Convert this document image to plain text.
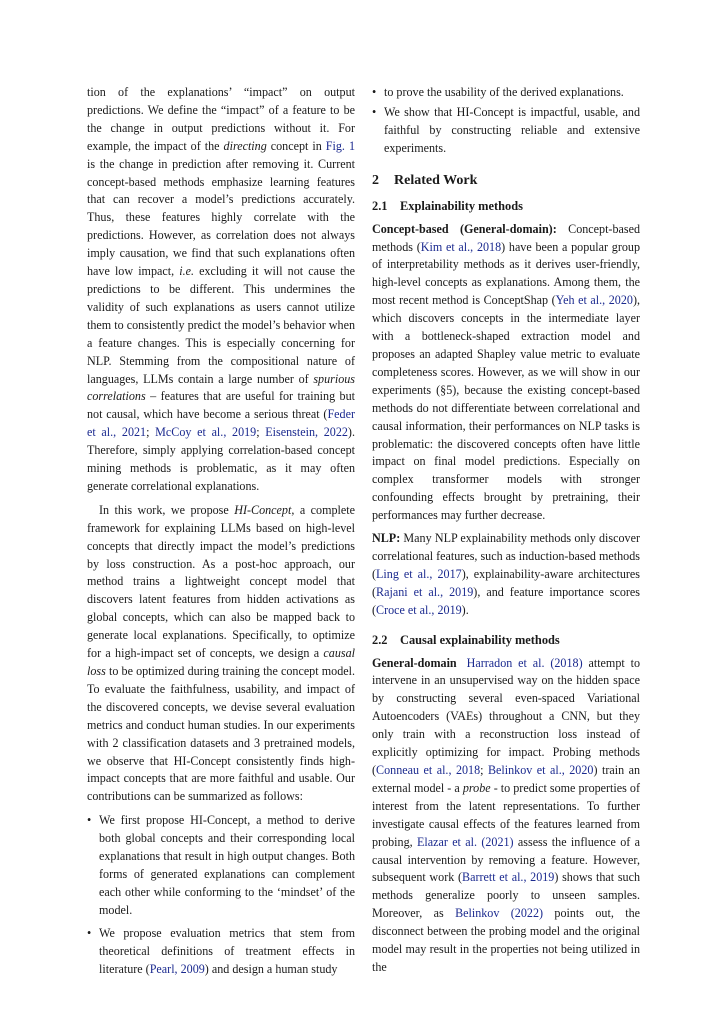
tion of the explanations’ “impact” on output predictions. We define the “impact” of a feature to be the change in output predictions without it. For example, the impact of the directing concept in Fig. 1 is the change in prediction after removing it. Current concept-based methods emphasize learning features that can recover a model’s predictions accurately. Thus, these features highly correlate with the predictions. However, as correlation does not always imply causation, we find that such explanations often have low impact, i.e. excluding it will not cause the predictions to be different. This undermines the validity of such explanations as users cannot utilize them to consistently predict the model’s behavior when a feature changes. This is especially concerning for NLP. Stemming from the compositional nature of languages, LLMs contain a large number of spurious correlations – features that are useful for training but not causal, which have become a serious threat (Feder et al., 2021; McCoy et al., 2019; Eisenstein, 2022). Therefore, simply applying correlation-based concept mining methods is problematic, as it may often generate correlational explanations.

In this work, we propose HI-Concept, a complete framework for explaining LLMs based on high-level concepts that directly impact the model’s predictions by loss construction. As a post-hoc approach, our method trains a lightweight concept model that discovers latent features from hidden activations as global concepts, which can also be mapped back to generate local explanations. Specifically, to optimize for a high-impact set of concepts, we design a causal loss to be optimized during training the concept model. To evaluate the faithfulness, usability, and impact of the discovered concepts, we devise several evaluation metrics and conduct human studies. In our experiments with 2 classification datasets and 3 pretrained models, we observe that HI-Concept consistently finds high-impact concepts that are more faithful and usable. Our contributions can be summarized as follows:

• We first propose HI-Concept, a method to derive both global concepts and their corresponding local explanations that result in high output changes. Both forms of generated explanations can complement each other while conforming to the ‘mindset’ of the model.
• We propose evaluation metrics that stem from theoretical definitions of treatment effects in literature (Pearl, 2009) and design a human study
• to prove the usability of the derived explanations.
• We show that HI-Concept is impactful, usable, and faithful by constructing reliable and extensive experiments.
2 Related Work
2.1 Explainability methods

Concept-based (General-domain): Concept-based methods (Kim et al., 2018) have been a popular group of interpretability methods as it derives user-friendly, high-level concepts as explanations. Among them, the most recent method is ConceptShap (Yeh et al., 2020), which discovers concepts in the intermediate layer with a bottleneck-shaped extraction model and proposes an adapted Shapley value metric to evaluate completeness scores. However, as we will show in our experiments (§5), because the existing concept-based methods do not differentiate between correlational and causal information, their performances on NLP tasks is problematic: the discovered concepts often have little impact on final model predictions. Especially on complex transformer models with stronger confounding effects brought by pretraining, their performances may further decrease.

NLP: Many NLP explainability methods only discover correlational features, such as induction-based methods (Ling et al., 2017), explainability-aware architectures (Rajani et al., 2019), and feature importance scores (Croce et al., 2019).

2.2 Causal explainability methods

General-domain Harradon et al. (2018) attempt to intervene in an unsupervised way on the hidden space by constructing several even-spaced Variational Autoencoders (VAEs) throughout a CNN, but they only train with a reconstruction loss instead of explicitly optimizing for impact. Probing methods (Conneau et al., 2018; Belinkov et al., 2020) train an external model - a probe - to predict some properties of interest from the latent representations. To further investigate causal effects of the features learned from probing, Elazar et al. (2021) assess the influence of a causal intervention by removing a feature. However, subsequent work (Barrett et al., 2019) shows that such methods generalize poorly to unseen samples. Moreover, as Belinkov (2022) points out, the disconnect between the probing model and the original model may result in the properties not being utilized in the
